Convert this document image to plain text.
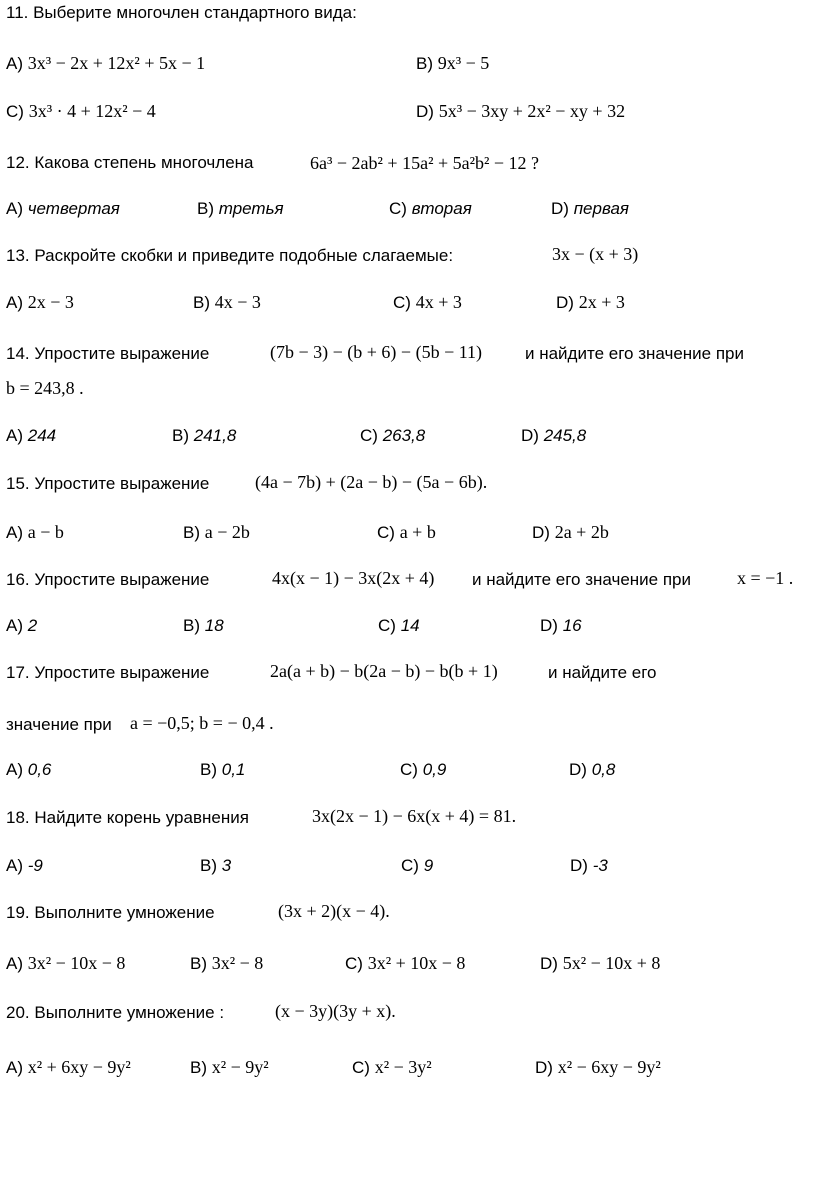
11. Выберите многочлен стандартного вида:
A) 3x³ − 2x + 12x² + 5x − 1	B) 9x³ − 5
C) 3x³ · 4 + 12x² − 4	D) 5x³ − 3xy + 2x² − xy + 32
12. Какова степень многочлена	6a³ − 2ab² + 15a² + 5a²b² − 12 ?
A) четвертая	B) третья	C) вторая	D) первая
13. Раскройте скобки и приведите подобные слагаемые:	3x − (x + 3)
A) 2x − 3	B) 4x − 3	C) 4x + 3	D) 2x + 3
14. Упростите выражение	(7b − 3) − (b + 6) − (5b − 11)	и найдите его значение при
b = 243,8 .
A) 244	B) 241,8	C) 263,8	D) 245,8
15. Упростите выражение	(4a − 7b) + (2a − b) − (5a − 6b).
A) a − b	B) a − 2b	C) a + b	D) 2a + 2b
16. Упростите выражение	4x(x − 1) − 3x(2x + 4) и найдите его значение при	x = −1 .
A) 2	B) 18	C) 14	D) 16
17. Упростите выражение	2a(a + b) − b(2a − b) − b(b + 1)	и найдите его
значение при a = −0,5; b = − 0,4 .
A) 0,6	B) 0,1	C) 0,9	D) 0,8
18. Найдите корень уравнения	3x(2x − 1) − 6x(x + 4) = 81.
A) -9	B) 3	C) 9	D) -3
19. Выполните умножение	(3x + 2)(x − 4).
A) 3x² − 10x − 8	B) 3x² − 8	C) 3x² + 10x − 8	D) 5x² − 10x + 8
20. Выполните умножение :	(x − 3y)(3y + x).
A) x² + 6xy − 9y²	B) x² − 9y²	C) x² − 3y²	D) x² − 6xy − 9y²
